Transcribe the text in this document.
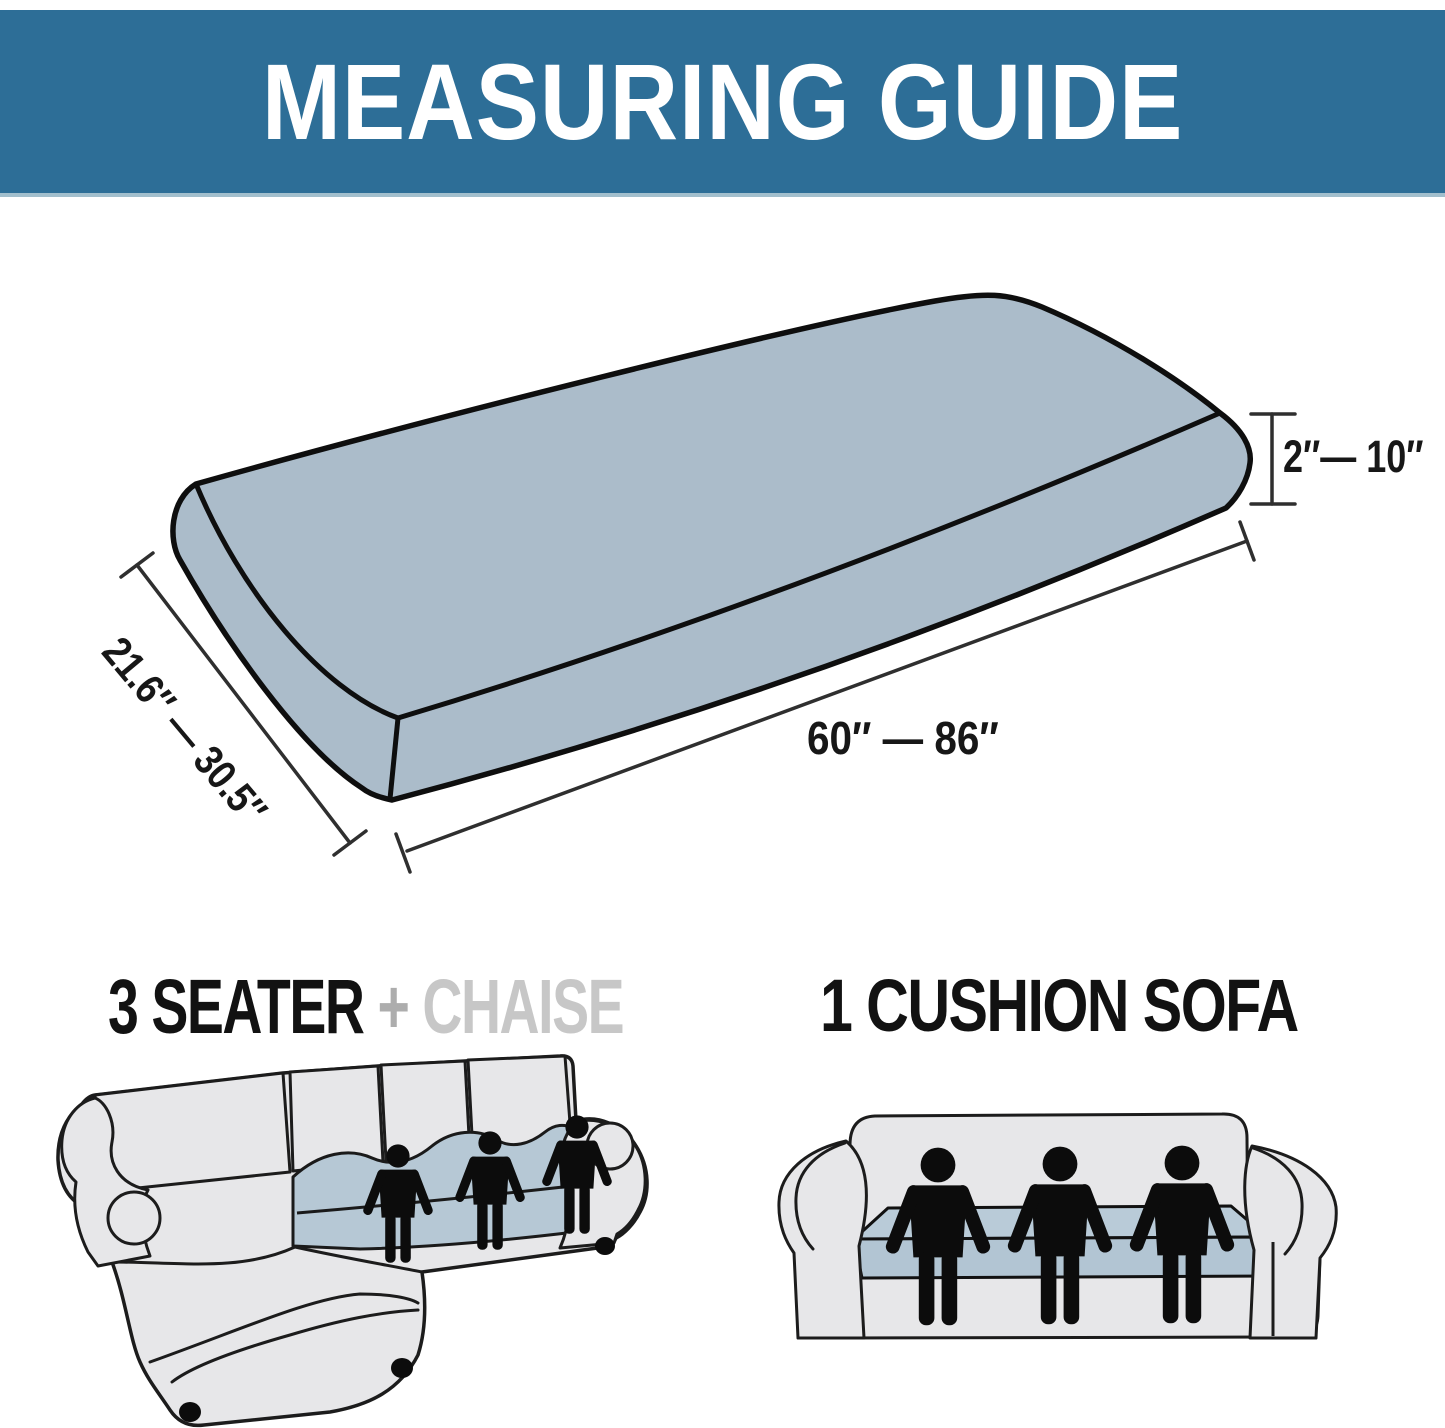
MEASURING GUIDE
2″— 10″
60″ — 86″
21.6″ — 30.5″
3 SEATER + CHAISE	1 CUSHION SOFA
